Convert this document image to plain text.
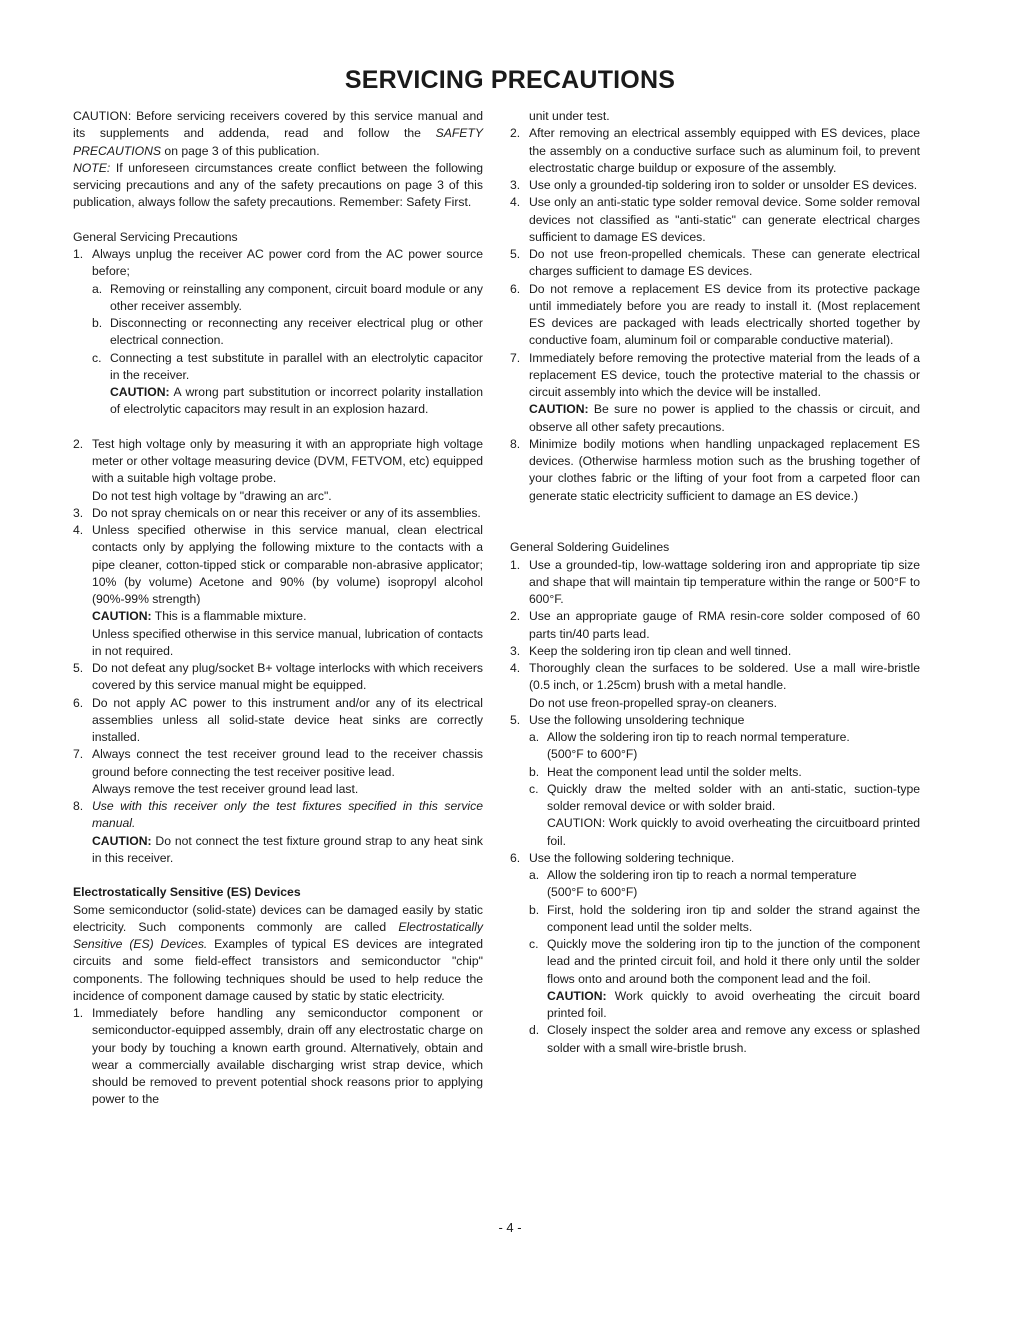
SERVICING PRECAUTIONS

CAUTION: Before servicing receivers covered by this service manual and its supplements and addenda, read and follow the SAFETY PRECAUTIONS on page 3 of this publication.

NOTE: If unforeseen circumstances create conflict between the following servicing precautions and any of the safety precautions on page 3 of this publication, always follow the safety precautions. Remember: Safety First.

General Servicing Precautions

1. Always unplug the receiver AC power cord from the AC power source before;
a. Removing or reinstalling any component, circuit board module or any other receiver assembly.
b. Disconnecting or reconnecting any receiver electrical plug or other electrical connection.
c. Connecting a test substitute in parallel with an electrolytic capacitor in the receiver.
CAUTION: A wrong part substitution or incorrect polarity installation of electrolytic capacitors may result in an explosion hazard.
2. Test high voltage only by measuring it with an appropriate high voltage meter or other voltage measuring device (DVM, FETVOM, etc) equipped with a suitable high voltage probe.
Do not test high voltage by "drawing an arc".
3. Do not spray chemicals on or near this receiver or any of its assemblies.
4. Unless specified otherwise in this service manual, clean electrical contacts only by applying the following mixture to the contacts with a pipe cleaner, cotton-tipped stick or comparable non-abrasive applicator; 10% (by volume) Acetone and 90% (by volume) isopropyl alcohol (90%-99% strength)
CAUTION: This is a flammable mixture.
Unless specified otherwise in this service manual, lubrication of contacts in not required.
5. Do not defeat any plug/socket B+ voltage interlocks with which receivers covered by this service manual might be equipped.
6. Do not apply AC power to this instrument and/or any of its electrical assemblies unless all solid-state device heat sinks are correctly installed.
7. Always connect the test receiver ground lead to the receiver chassis ground before connecting the test receiver positive lead.
Always remove the test receiver ground lead last.
8. Use with this receiver only the test fixtures specified in this service manual.
CAUTION: Do not connect the test fixture ground strap to any heat sink in this receiver.

Electrostatically Sensitive (ES) Devices

Some semiconductor (solid-state) devices can be damaged easily by static electricity. Such components commonly are called Electrostatically Sensitive (ES) Devices. Examples of typical ES devices are integrated circuits and some field-effect transistors and semiconductor "chip" components. The following techniques should be used to help reduce the incidence of component damage caused by static by static electricity.

1. Immediately before handling any semiconductor component or semiconductor-equipped assembly, drain off any electrostatic charge on your body by touching a known earth ground. Alternatively, obtain and wear a commercially available discharging wrist strap device, which should be removed to prevent potential shock reasons prior to applying power to the
unit under test.
2. After removing an electrical assembly equipped with ES devices, place the assembly on a conductive surface such as aluminum foil, to prevent electrostatic charge buildup or exposure of the assembly.
3. Use only a grounded-tip soldering iron to solder or unsolder ES devices.
4. Use only an anti-static type solder removal device. Some solder removal devices not classified as "anti-static" can generate electrical charges sufficient to damage ES devices.
5. Do not use freon-propelled chemicals. These can generate electrical charges sufficient to damage ES devices.
6. Do not remove a replacement ES device from its protective package until immediately before you are ready to install it. (Most replacement ES devices are packaged with leads electrically shorted together by conductive foam, aluminum foil or comparable conductive material).
7. Immediately before removing the protective material from the leads of a replacement ES device, touch the protective material to the chassis or circuit assembly into which the device will be installed.
CAUTION: Be sure no power is applied to the chassis or circuit, and observe all other safety precautions.
8. Minimize bodily motions when handling unpackaged replacement ES devices. (Otherwise harmless motion such as the brushing together of your clothes fabric or the lifting of your foot from a carpeted floor can generate static electricity sufficient to damage an ES device.)

General Soldering Guidelines

1. Use a grounded-tip, low-wattage soldering iron and appropriate tip size and shape that will maintain tip temperature within the range or 500°F to 600°F.
2. Use an appropriate gauge of RMA resin-core solder composed of 60 parts tin/40 parts lead.
3. Keep the soldering iron tip clean and well tinned.
4. Thoroughly clean the surfaces to be soldered. Use a mall wire-bristle (0.5 inch, or 1.25cm) brush with a metal handle.
Do not use freon-propelled spray-on cleaners.
5. Use the following unsoldering technique
a. Allow the soldering iron tip to reach normal temperature.
(500°F to 600°F)
b. Heat the component lead until the solder melts.
c. Quickly draw the melted solder with an anti-static, suction-type solder removal device or with solder braid.
CAUTION: Work quickly to avoid overheating the circuitboard printed foil.
6. Use the following soldering technique.
a. Allow the soldering iron tip to reach a normal temperature
(500°F to 600°F)
b. First, hold the soldering iron tip and solder the strand against the component lead until the solder melts.
c. Quickly move the soldering iron tip to the junction of the component lead and the printed circuit foil, and hold it there only until the solder flows onto and around both the component lead and the foil.
CAUTION: Work quickly to avoid overheating the circuit board printed foil.
d. Closely inspect the solder area and remove any excess or splashed solder with a small wire-bristle brush.
- 4 -
